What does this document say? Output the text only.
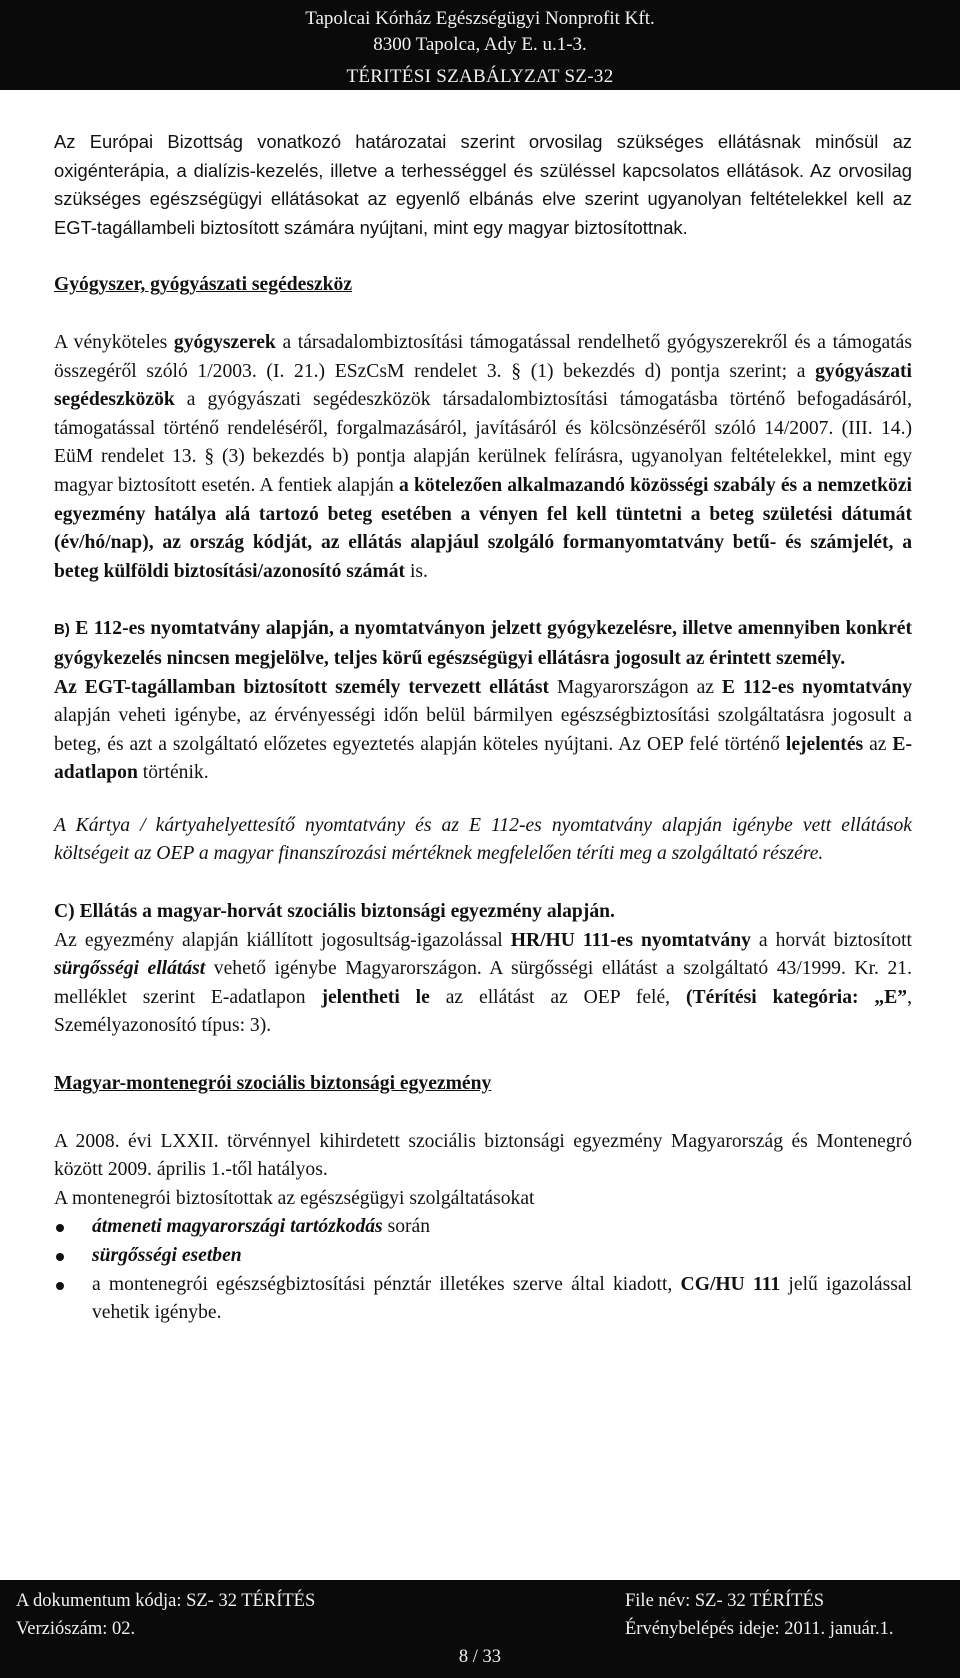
Tapolcai Kórház Egészségügyi Nonprofit Kft.
8300 Tapolca, Ady E. u.1-3.
TÉRITÉSI SZABÁLYZAT SZ-32

Az Európai Bizottság vonatkozó határozatai szerint orvosilag szükséges ellátásnak minősül az oxigénterápia, a dialízis-kezelés, illetve a terhességgel és szüléssel kapcsolatos ellátások. Az orvosilag szükséges egészségügyi ellátásokat az egyenlő elbánás elve szerint ugyanolyan feltételekkel kell az EGT-tagállambeli biztosított számára nyújtani, mint egy magyar biztosítottnak.

Gyógyszer, gyógyászati segédeszköz

A vényköteles gyógyszerek a társadalombiztosítási támogatással rendelhető gyógyszerekről és a támogatás összegéről szóló 1/2003. (I. 21.) ESzCsM rendelet 3. § (1) bekezdés d) pontja szerint; a gyógyászati segédeszközök a gyógyászati segédeszközök társadalombiztosítási támogatásba történő befogadásáról, támogatással történő rendeléséről, forgalmazásáról, javításáról és kölcsönzéséről szóló 14/2007. (III. 14.) EüM rendelet 13. § (3) bekezdés b) pontja alapján kerülnek felírásra, ugyanolyan feltételekkel, mint egy magyar biztosított esetén. A fentiek alapján a kötelezően alkalmazandó közösségi szabály és a nemzetközi egyezmény hatálya alá tartozó beteg esetében a vényen fel kell tüntetni a beteg születési dátumát (év/hó/nap), az ország kódját, az ellátás alapjául szolgáló formanyomtatvány betű- és számjelét, a beteg külföldi biztosítási/azonosító számát is.

B) E 112-es nyomtatvány alapján, a nyomtatványon jelzett gyógykezelésre, illetve amennyiben konkrét gyógykezelés nincsen megjelölve, teljes körű egészségügyi ellátásra jogosult az érintett személy.

Az EGT-tagállamban biztosított személy tervezett ellátást Magyarországon az E 112-es nyomtatvány alapján veheti igénybe, az érvényességi időn belül bármilyen egészségbiztosítási szolgáltatásra jogosult a beteg, és azt a szolgáltató előzetes egyeztetés alapján köteles nyújtani. Az OEP felé történő lejelentés az E-adatlapon történik.

A Kártya / kártyahelyettesítő nyomtatvány és az E 112-es nyomtatvány alapján igénybe vett ellátások költségeit az OEP a magyar finanszírozási mértéknek megfelelően téríti meg a szolgáltató részére.

C) Ellátás a magyar-horvát szociális biztonsági egyezmény alapján.

Az egyezmény alapján kiállított jogosultság-igazolással HR/HU 111-es nyomtatvány a horvát biztosított sürgősségi ellátást vehető igénybe Magyarországon. A sürgősségi ellátást a szolgáltató 43/1999. Kr. 21. melléklet szerint E-adatlapon jelentheti le az ellátást az OEP felé, (Térítési kategória: „E”, Személyazonosító típus: 3).

Magyar-montenegrói szociális biztonsági egyezmény

A 2008. évi LXXII. törvénnyel kihirdetett szociális biztonsági egyezmény Magyarország és Montenegró között 2009. április 1.-től hatályos.

A montenegrói biztosítottak az egészségügyi szolgáltatásokat

átmeneti magyarországi tartózkodás során
sürgősségi esetben
a montenegrói egészségbiztosítási pénztár illetékes szerve által kiadott, CG/HU 111 jelű igazolással vehetik igénybe.
A dokumentum kódja: SZ- 32 TÉRÍTÉS	File név: SZ- 32 TÉRÍTÉS
Verziószám: 02.	Érvénybelépés ideje: 2011. január.1.
8 / 33
